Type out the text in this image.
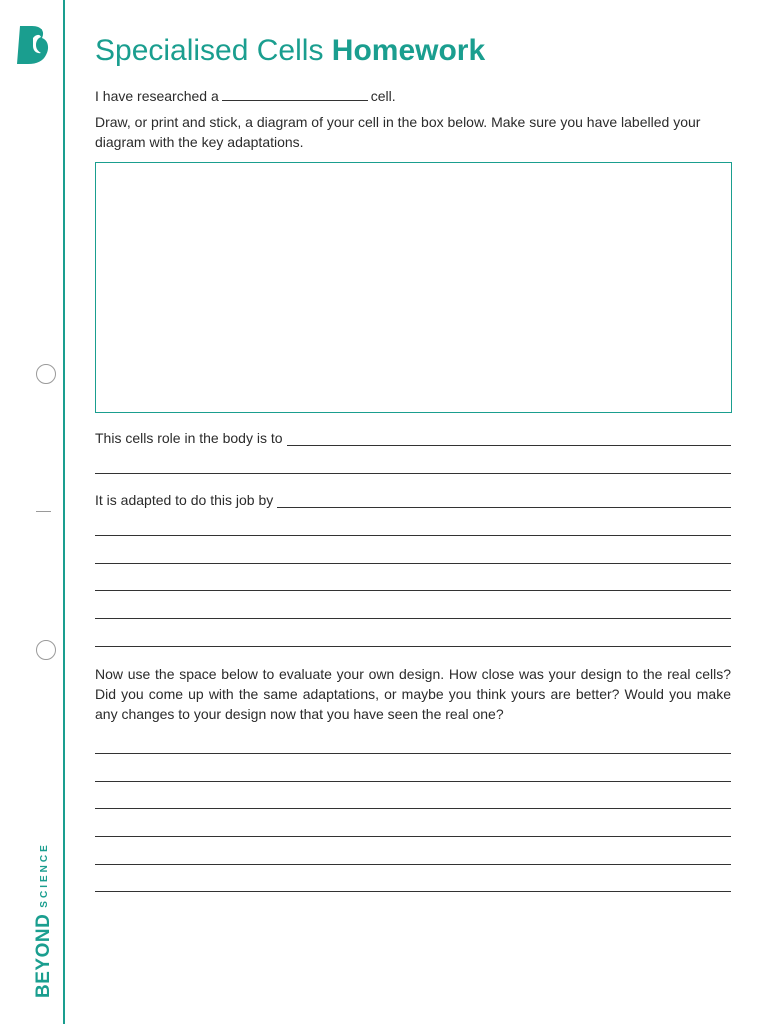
BEYOND
SCIENCE
Specialised Cells Homework
I have researched a	cell.
Draw, or print and stick, a diagram of your cell in the box below. Make sure you have labelled your diagram with the key adaptations.
This cells role in the body is to
It is adapted to do this job by
Now use the space below to evaluate your own design. How close was your design to the real cells? Did you come up with the same adaptations, or maybe you think yours are better? Would you make any changes to your design now that you have seen the real one?
